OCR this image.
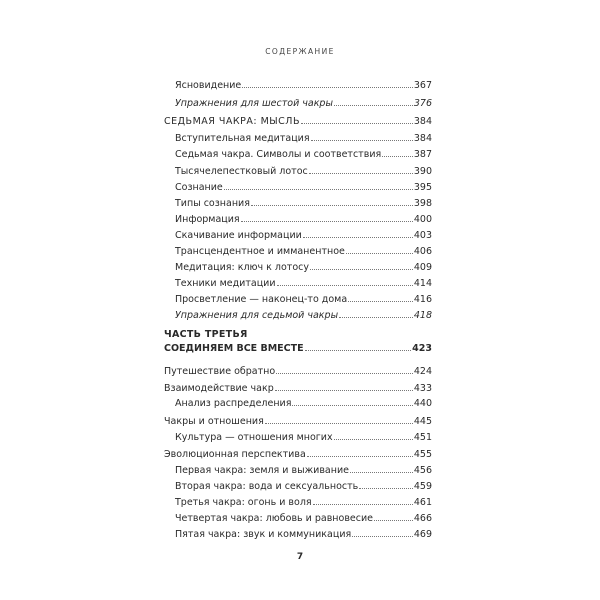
СОДЕРЖАНИЕ
Ясновидение	367
Упражнения для шестой чакры	376
СЕДЬМАЯ ЧАКРА: МЫСЛЬ	384
Вступительная медитация	384
Седьмая чакра. Символы и соответствия	387
Тысячелепестковый лотос	390
Сознание	395
Типы сознания	398
Информация	400
Скачивание информации	403
Трансцендентное и имманентное	406
Медитация: ключ к лотосу	409
Техники медитации	414
Просветление — наконец-то дома	416
Упражнения для седьмой чакры	418
ЧАСТЬ ТРЕТЬЯ
СОЕДИНЯЕМ ВСЕ ВМЕСТЕ	423
Путешествие обратно	424
Взаимодействие чакр	433
Анализ распределения	440
Чакры и отношения	445
Культура — отношения многих	451
Эволюционная перспектива	455
Первая чакра: земля и выживание	456
Вторая чакра: вода и сексуальность	459
Третья чакра: огонь и воля	461
Четвертая чакра: любовь и равновесие	466
Пятая чакра: звук и коммуникация	469
7
